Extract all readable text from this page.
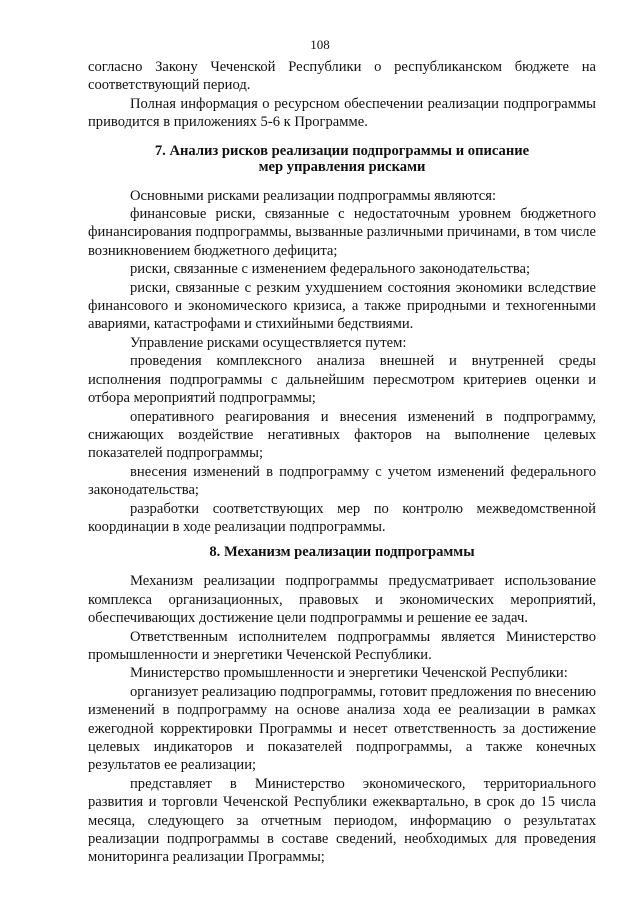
108

согласно Закону Чеченской Республики о республиканском бюджете на соответствующий период.

Полная информация о ресурсном обеспечении реализации подпрограммы приводится в приложениях 5-6 к Программе.

7. Анализ рисков реализации подпрограммы и описание
мер управления рисками

Основными рисками реализации подпрограммы являются:

финансовые риски, связанные с недостаточным уровнем бюджетного финансирования подпрограммы, вызванные различными причинами, в том числе возникновением бюджетного дефицита;

риски, связанные с изменением федерального законодательства;

риски, связанные с резким ухудшением состояния экономики вследствие финансового и экономического кризиса, а также природными и техногенными авариями, катастрофами и стихийными бедствиями.

Управление рисками осуществляется путем:

проведения комплексного анализа внешней и внутренней среды исполнения подпрограммы с дальнейшим пересмотром критериев оценки и отбора мероприятий подпрограммы;

оперативного реагирования и внесения изменений в подпрограмму, снижающих воздействие негативных факторов на выполнение целевых показателей подпрограммы;

внесения изменений в подпрограмму с учетом изменений федерального законодательства;

разработки соответствующих мер по контролю межведомственной координации в ходе реализации подпрограммы.

8. Механизм реализации подпрограммы

Механизм реализации подпрограммы предусматривает использование комплекса организационных, правовых и экономических мероприятий, обеспечивающих достижение цели подпрограммы и решение ее задач.

Ответственным исполнителем подпрограммы является Министерство промышленности и энергетики Чеченской Республики.

Министерство промышленности и энергетики Чеченской Республики:

организует реализацию подпрограммы, готовит предложения по внесению изменений в подпрограмму на основе анализа хода ее реализации в рамках ежегодной корректировки Программы и несет ответственность за достижение целевых индикаторов и показателей подпрограммы, а также конечных результатов ее реализации;

представляет в Министерство экономического, территориального развития и торговли Чеченской Республики ежеквартально, в срок до 15 числа месяца, следующего за отчетным периодом, информацию о результатах реализации подпрограммы в составе сведений, необходимых для проведения мониторинга реализации Программы;
